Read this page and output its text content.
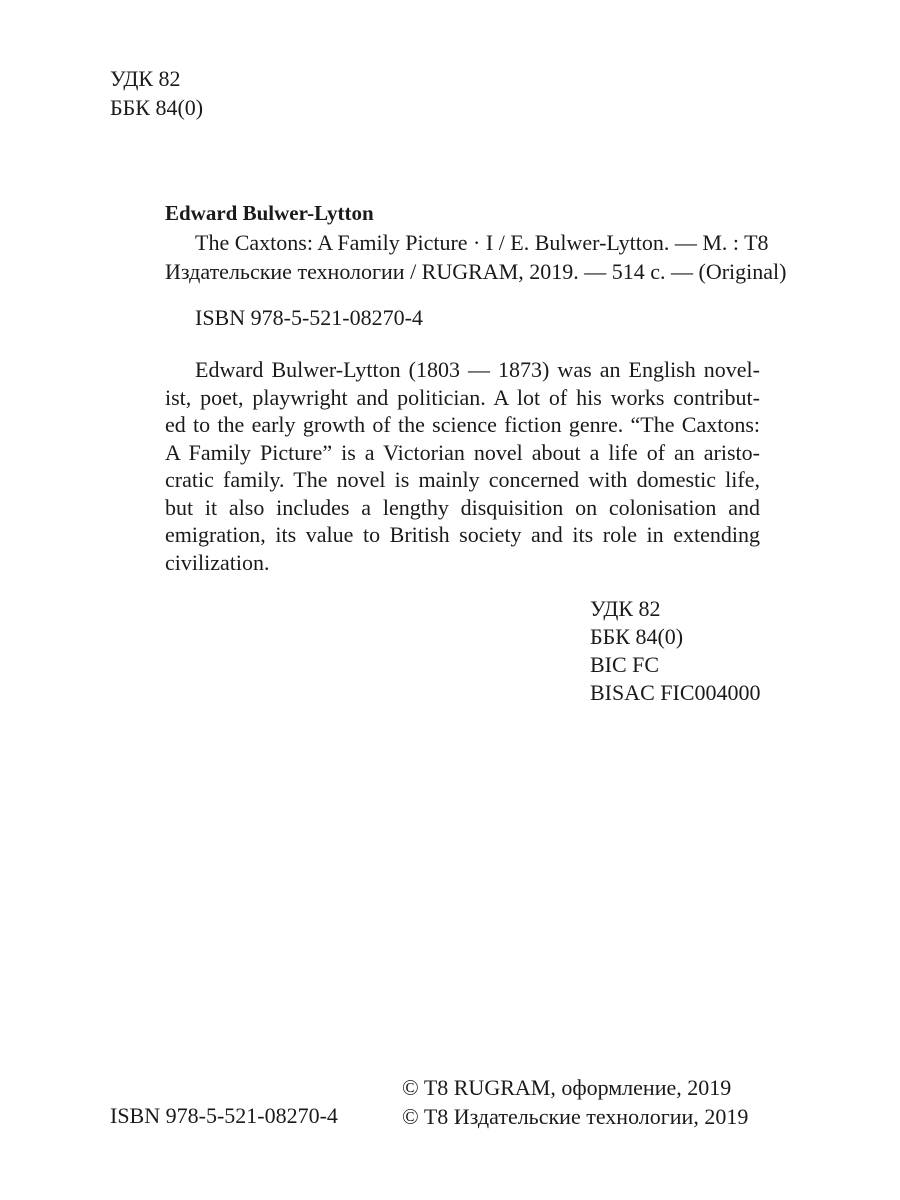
УДК 82
ББК 84(0)
Edward Bulwer-Lytton
The Caxtons: A Family Picture · I / E. Bulwer-Lytton. — M. : T8
Издательские технологии / RUGRAM, 2019. — 514 c. — (Original)
ISBN 978-5-521-08270-4
Edward Bulwer-Lytton (1803 — 1873) was an English novel-
ist, poet, playwright and politician. A lot of his works contribut-
ed to the early growth of the science fiction genre. “The Caxtons:
A Family Picture” is a Victorian novel about a life of an aristo-
cratic family. The novel is mainly concerned with domestic life,
but it also includes a lengthy disquisition on colonisation and
emigration, its value to British society and its role in extending
civilization.
УДК 82
ББК 84(0)
BIC FC
BISAC FIC004000
ISBN 978-5-521-08270-4
© T8 RUGRAM, оформление, 2019
© T8 Издательские технологии, 2019
